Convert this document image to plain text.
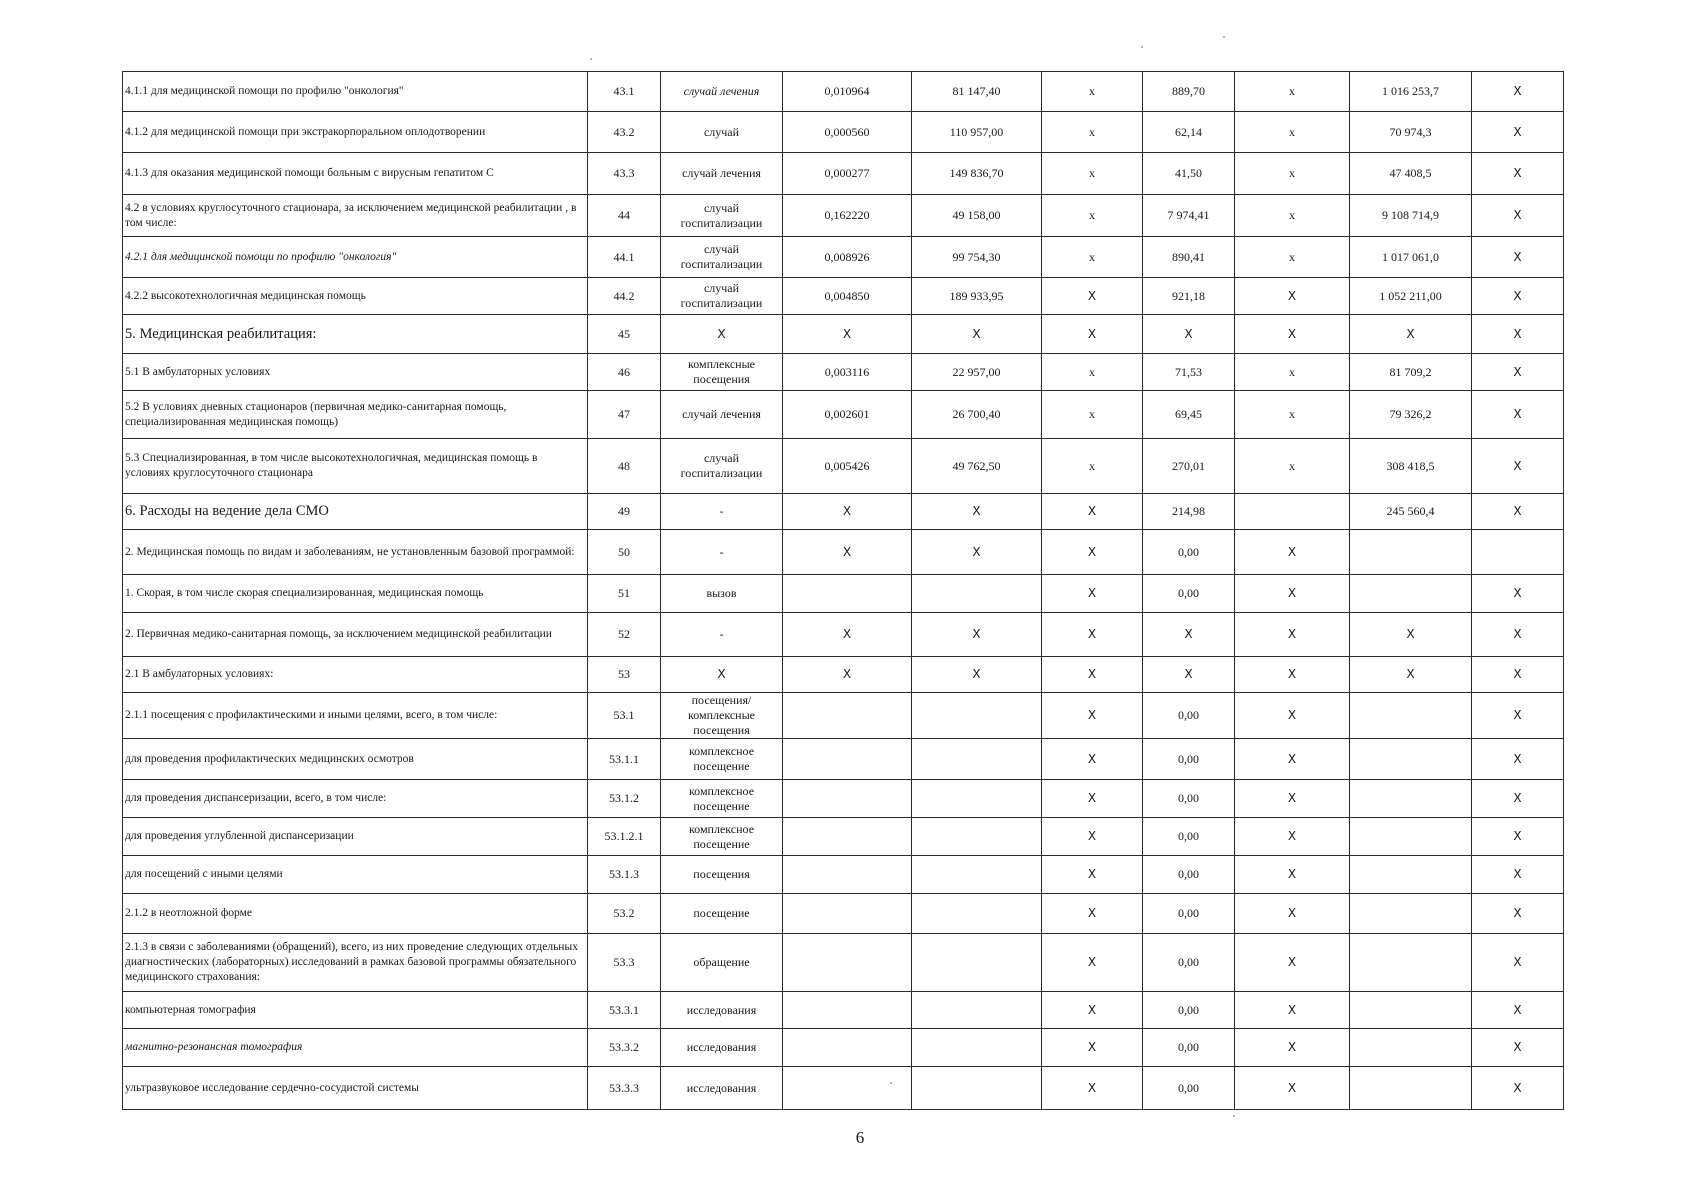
4.1.1 для медицинской помощи по профилю "онкология"	43.1	случай лечения	0,010964	81 147,40	x	889,70	x	1 016 253,7	X
4.1.2 для медицинской помощи при экстракорпоральном оплодотворении	43.2	случай	0,000560	110 957,00	x	62,14	x	70 974,3	X
4.1.3 для оказания медицинской помощи больным с вирусным гепатитом С	43.3	случай лечения	0,000277	149 836,70	x	41,50	x	47 408,5	X
4.2 в условиях круглосуточного стационара, за исключением медицинской реабилитации , в том числе:	44	случай госпитализации	0,162220	49 158,00	x	7 974,41	x	9 108 714,9	X
4.2.1 для медицинской помощи по профилю "онкология"	44.1	случай госпитализации	0,008926	99 754,30	x	890,41	x	1 017 061,0	X
4.2.2 высокотехнологичная медицинская помощь	44.2	случай госпитализации	0,004850	189 933,95	X	921,18	X	1 052 211,00	X
5. Медицинская реабилитация:	45	X	X	X	X	X	X	X	X
5.1 В амбулаторных условиях	46	комплексные посещения	0,003116	22 957,00	x	71,53	x	81 709,2	X
5.2 В условиях дневных стационаров (первичная медико-санитарная помощь, специализированная медицинская помощь)	47	случай лечения	0,002601	26 700,40	x	69,45	x	79 326,2	X
5.3 Специализированная, в том числе высокотехнологичная, медицинская помощь в условиях круглосуточного стационара	48	случай госпитализации	0,005426	49 762,50	x	270,01	x	308 418,5	X
6. Расходы на ведение дела СМО	49	-	X	X	X	214,98		245 560,4	X
2. Медицинская помощь по видам и заболеваниям, не установленным базовой программой:	50	-	X	X	X	0,00	X		
1. Скорая, в том числе скорая специализированная, медицинская помощь	51	вызов			X	0,00	X		X
2. Первичная медико-санитарная помощь, за исключением медицинской реабилитации	52	-	X	X	X	X	X	X	X
2.1 В амбулаторных условиях:	53	X	X	X	X	X	X	X	X
2.1.1 посещения с профилактическими и иными целями, всего, в том числе:	53.1	посещения/комплексные посещения			X	0,00	X		X
для проведения профилактических медицинских осмотров	53.1.1	комплексное посещение			X	0,00	X		X
для проведения диспансеризации, всего, в том числе:	53.1.2	комплексное посещение			X	0,00	X		X
для проведения углубленной диспансеризации	53.1.2.1	комплексное посещение			X	0,00	X		X
для посещений с иными целями	53.1.3	посещения			X	0,00	X		X
2.1.2 в неотложной форме	53.2	посещение			X	0,00	X		X
2.1.3 в связи с заболеваниями (обращений), всего, из них проведение следующих отдельных диагностических (лабораторных) исследований в рамках базовой программы обязательного медицинского страхования:	53.3	обращение			X	0,00	X		X
компьютерная томография	53.3.1	исследования			X	0,00	X		X
магнитно-резонансная томография	53.3.2	исследования			X	0,00	X		X
ультразвуковое исследование сердечно-сосудистой системы	53.3.3	исследования			X	0,00	X		X
6
